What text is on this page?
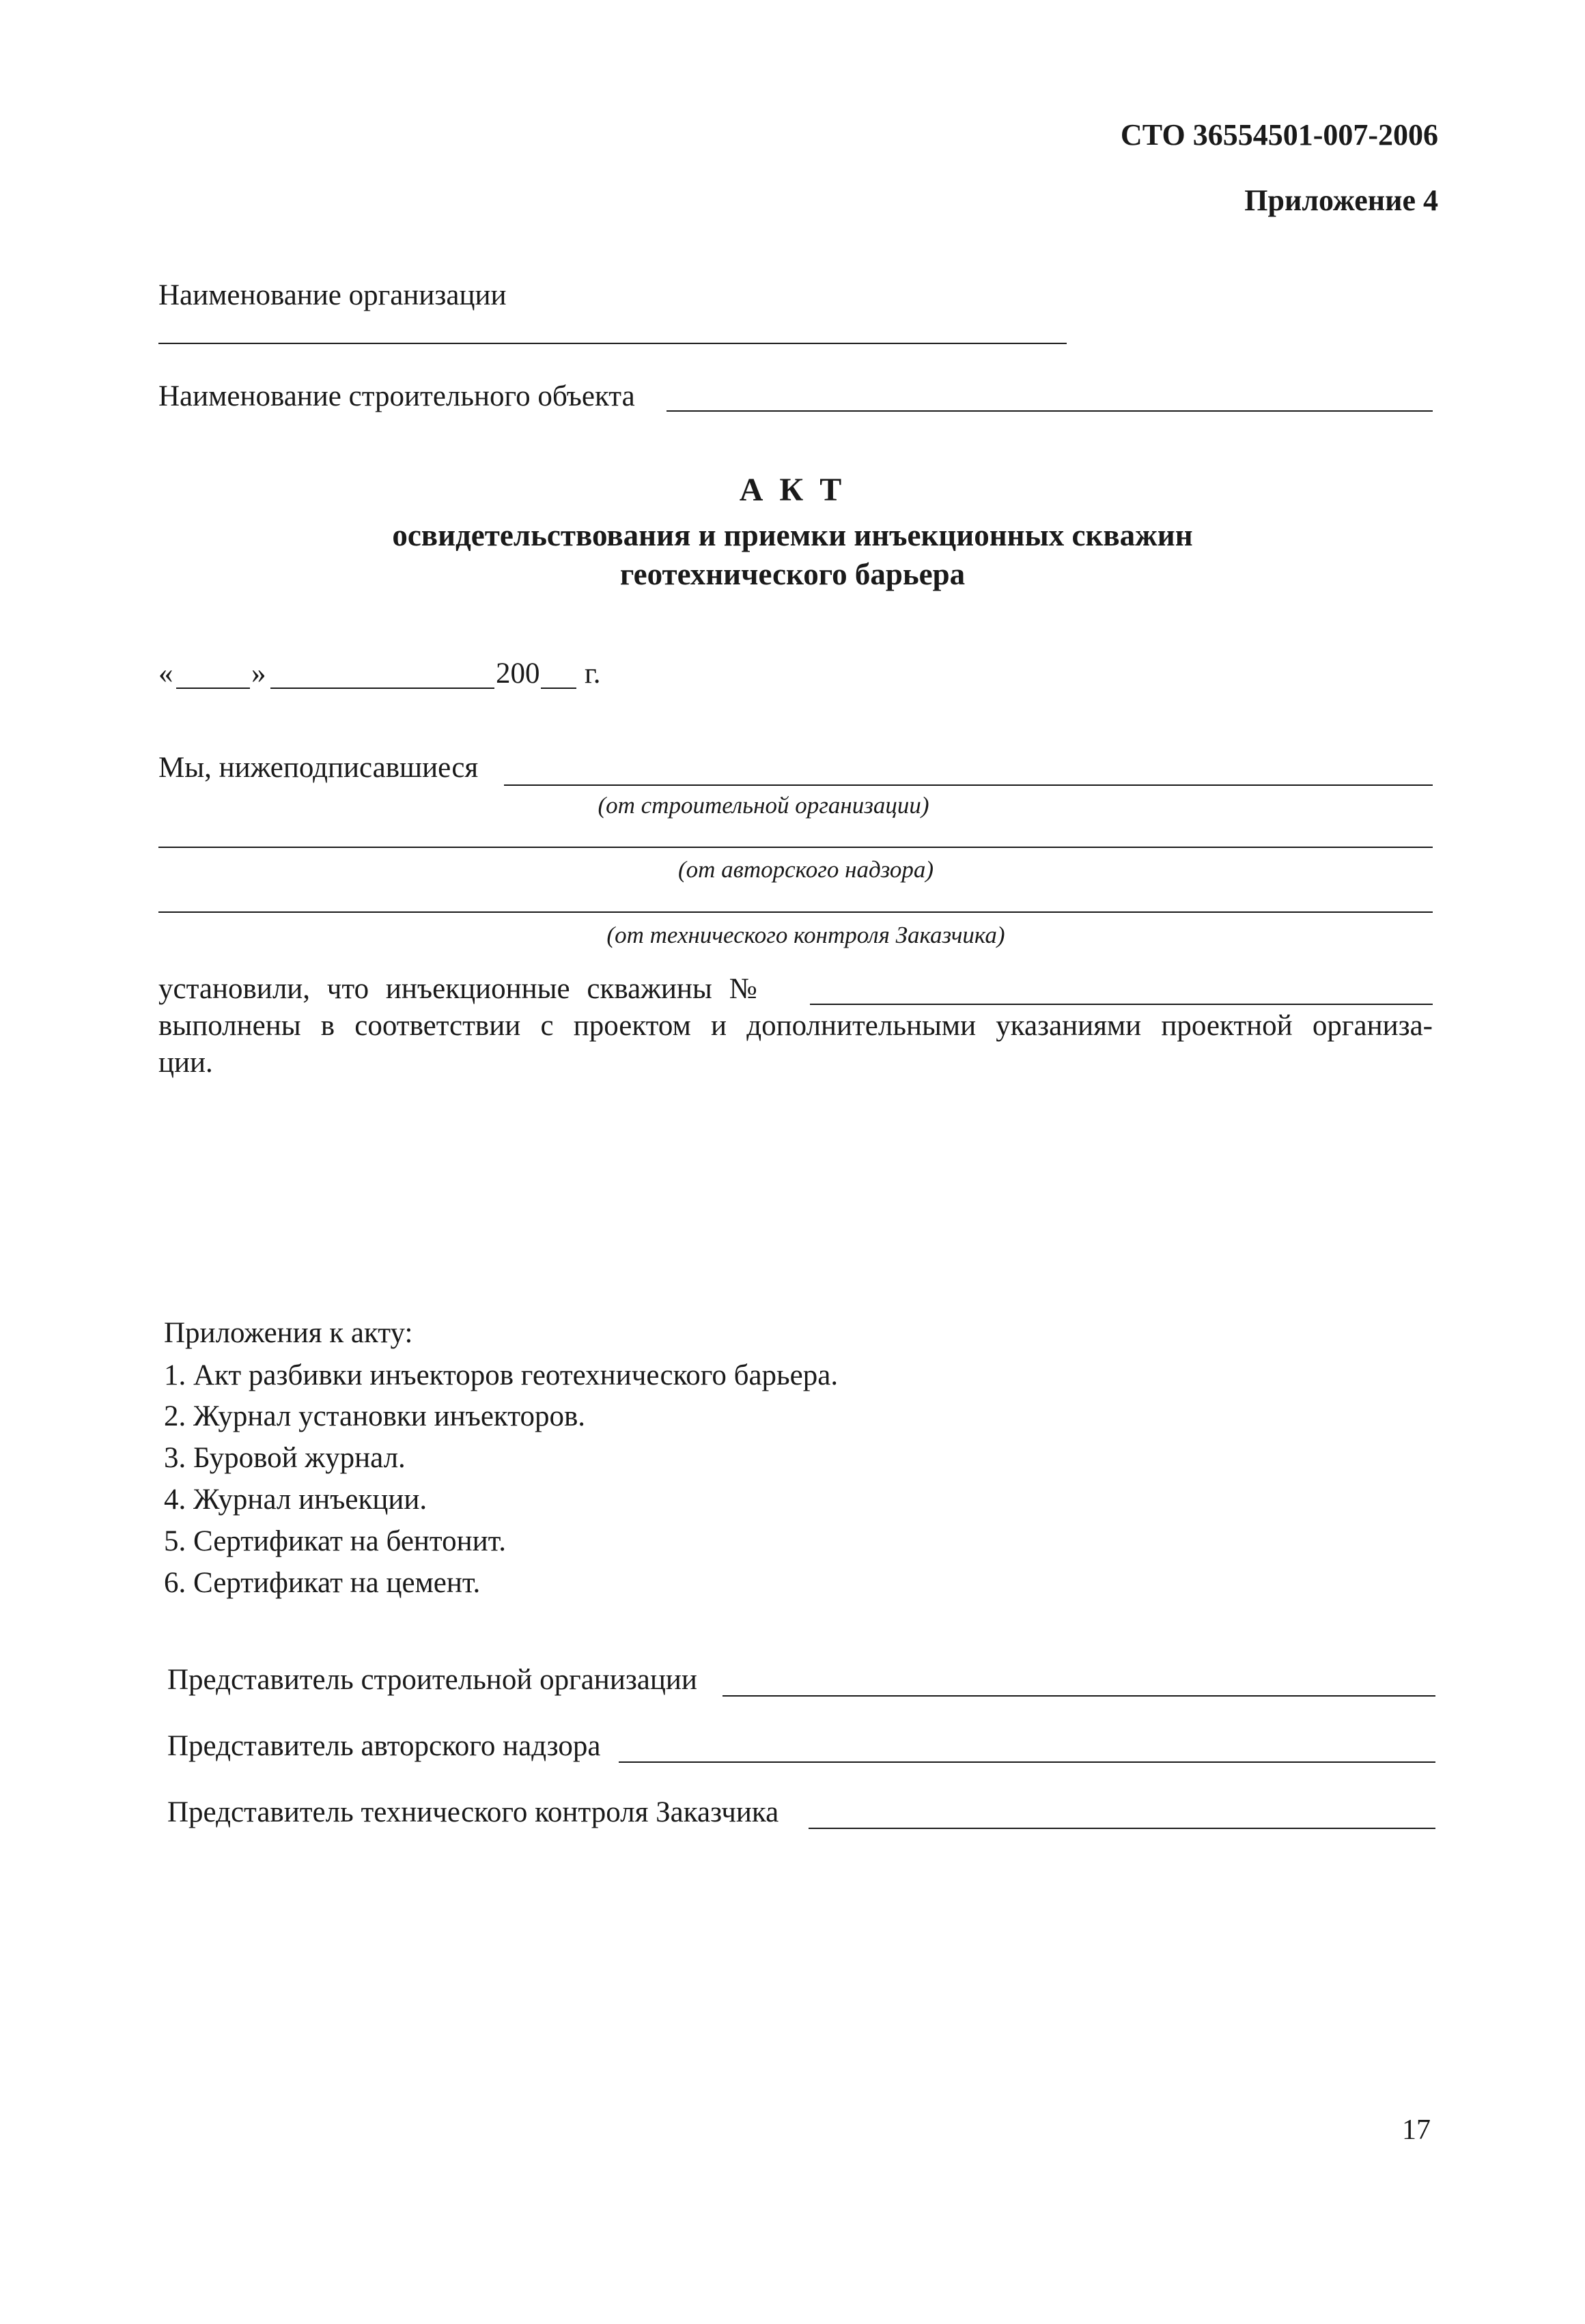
СТО 36554501-007-2006
Приложение 4
Наименование организации
Наименование строительного объекта
А К Т
освидетельствования и приемки инъекционных скважин
геотехнического барьера
«	»	200 г.
Мы, нижеподписавшиеся
(от строительной организации)
(от авторского надзора)
(от технического контроля Заказчика)
установили, что инъекционные скважины №
выполнены в соответствии с проектом и дополнительными указаниями проектной организа-
ции.
Приложения к акту:
1. Акт разбивки инъекторов геотехнического барьера.
2. Журнал установки инъекторов.
3. Буровой журнал.
4. Журнал инъекции.
5. Сертификат на бентонит.
6. Сертификат на цемент.
Представитель строительной организации
Представитель авторского надзора
Представитель технического контроля Заказчика
17
